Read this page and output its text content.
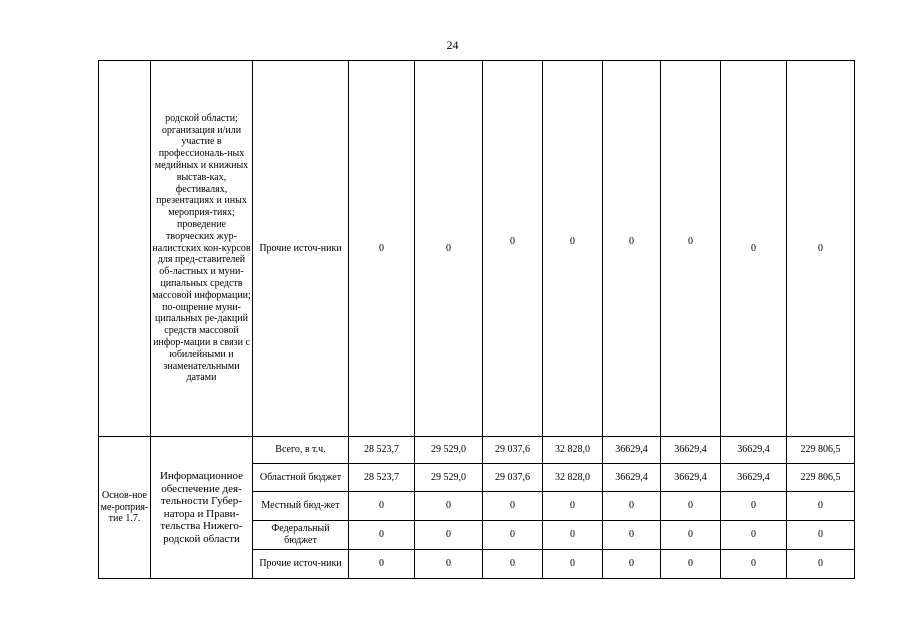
24
	родской области; организация и/или участие в профессиональ-ных медийных и книжных выстав-ках, фестивалях, презентациях и иных мероприя-тиях; проведение творческих жур-налистских кон-курсов для пред-ставителей об-ластных и муни-ципальных средств массовой информации; по-ощрение муни-ципальных ре-дакций средств массовой инфор-мации в связи с юбилейными и знаменательными датами	Прочие источ-ники	0	0	0	0	0	0	0	0
Основ-ное ме-роприя-тие 1.7.	Информационное обеспечение дея-тельности Губер-натора и Прави-тельства Нижего-родской области	Всего, в т.ч.	28 523,7	29 529,0	29 037,6	32 828,0	36629,4	36629,4	36629,4	229 806,5
		Областной бюджет	28 523,7	29 529,0	29 037,6	32 828,0	36629,4	36629,4	36629,4	229 806,5
		Местный бюд-жет	0	0	0	0	0	0	0	0
		Федеральный бюджет	0	0	0	0	0	0	0	0
		Прочие источ-ники	0	0	0	0	0	0	0	0
